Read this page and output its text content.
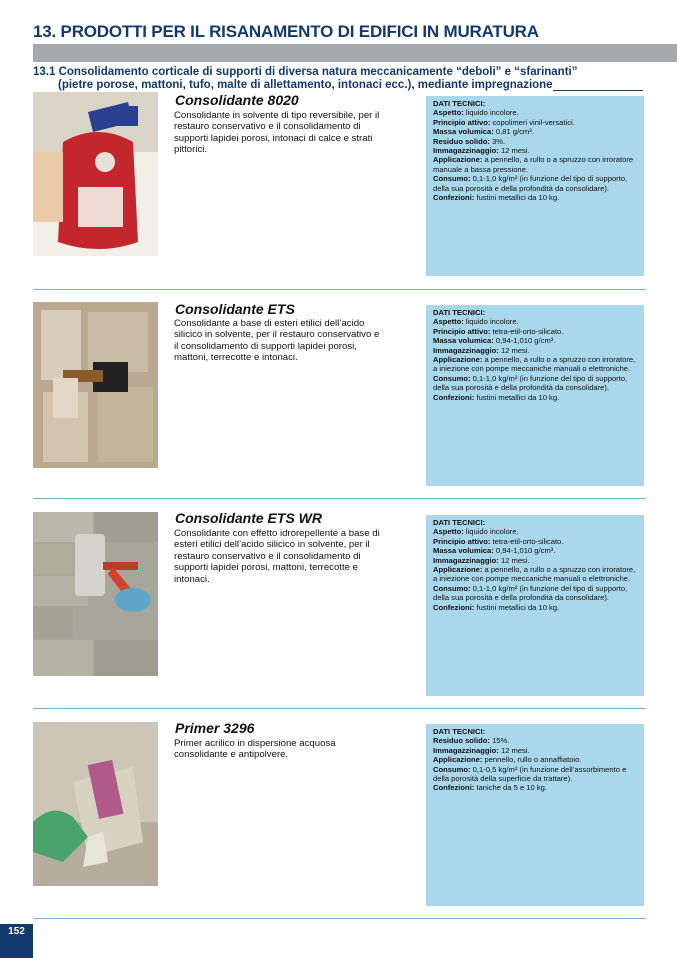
13. PRODOTTI PER IL RISANAMENTO DI EDIFICI IN MURATURA
13.1 Consolidamento corticale di supporti di diversa natura meccanicamente “deboli” e “sfarinanti”
(pietre porose, mattoni, tufo, malte di allettamento, intonaci ecc.), mediante impregnazione
Consolidante 8020
Consolidante in solvente di tipo reversibile, per il restauro conservativo e il consolidamento di supporti lapidei porosi, intonaci di calce e strati pittorici.
DATI TECNICI:
Aspetto: liquido incolore.
Principio attivo: copolimeri vinil-versatici.
Massa volumica: 0,81 g/cm³.
Residuo solido: 3%.
Immagazzinaggio: 12 mesi.
Applicazione: a pennello, a rullo o a spruzzo con irroratore manuale a bassa pressione.
Consumo: 0,1-1,0 kg/m² (in funzione del tipo di supporto, della sua porosità e della profondità da consolidare).
Confezioni: fustini metallici da 10 kg.
Consolidante ETS
Consolidante a base di esteri etilici dell’acido silicico in solvente, per il restauro conservativo e il consolidamento di supporti lapidei porosi, mattoni, terrecotte e intonaci.
DATI TECNICI:
Aspetto: liquido incolore.
Principio attivo: tetra-etil-orto-silicato.
Massa volumica: 0,94-1,010 g/cm³.
Immagazzinaggio: 12 mesi.
Applicazione: a pennello, a rullo o a spruzzo con irroratore, a iniezione con pompe meccaniche manuali o elettroniche.
Consumo: 0,1-1,0 kg/m² (in funzione del tipo di supporto, della sua porosità e della profondità da consolidare).
Confezioni: fustini metallici da 10 kg.
Consolidante ETS WR
Consolidante con effetto idrorepellente a base di esteri etilici dell’acido silicico in solvente, per il restauro conservativo e il consolidamento di supporti lapidei porosi, mattoni, terrecotte e intonaci.
DATI TECNICI:
Aspetto: liquido incolore.
Principio attivo: tetra-etil-orto-silicato.
Massa volumica: 0,94-1,010 g/cm³.
Immagazzinaggio: 12 mesi.
Applicazione: a pennello, a rullo o a spruzzo con irroratore, a iniezione con pompe meccaniche manuali o elettroniche.
Consumo: 0,1-1,0 kg/m² (in funzione del tipo di supporto, della sua porosità e della profondità da consolidare).
Confezioni: fustini metallici da 10 kg.
Primer 3296
Primer acrilico in dispersione acquosa consolidante e antipolvere.
DATI TECNICI:
Residuo solido: 15%.
Immagazzinaggio: 12 mesi.
Applicazione: pennello, rullo o annaffiatoio.
Consumo: 0,1-0,5 kg/m² (in funzione dell’assorbimento e della porosità della superficie da trattare).
Confezioni: taniche da 5 e 10 kg.
152
